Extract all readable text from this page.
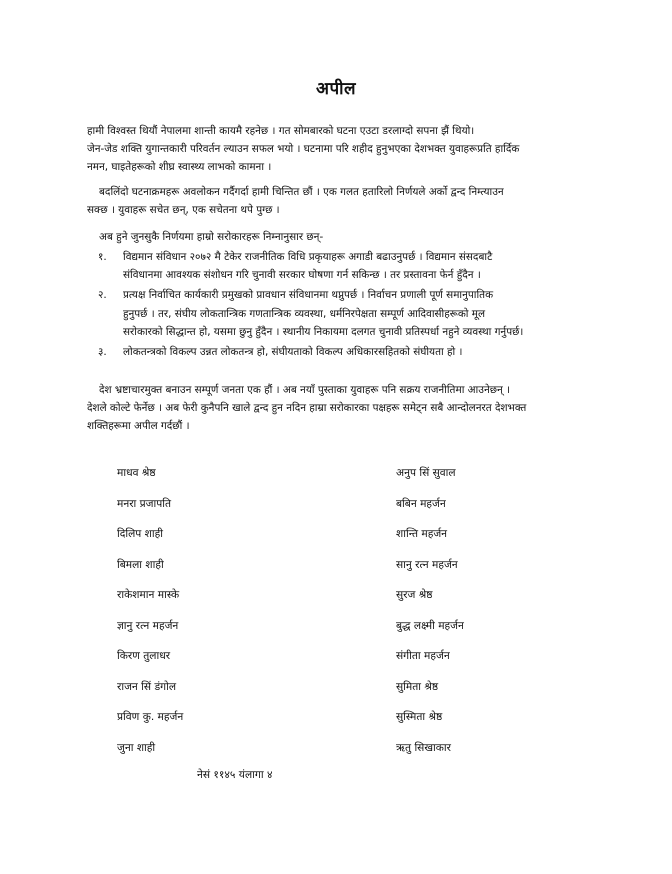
अपील
हामी विश्वस्त थियौं नेपालमा शान्ती कायमै रहनेछ । गत सोमबारको घटना एउटा डरलाग्दो सपना झैं थियो।
जेन-जेड शक्ति युगान्तकारी परिवर्तन ल्याउन सफल भयो । घटनामा परि शहीद हुनुभएका देशभक्त युवाहरूप्रति हार्दिक
नमन, घाइतेहरूको शीघ्र स्वास्थ्य लाभको कामना ।
बदलिंदो घटनाक्रमहरू अवलोकन गर्दैगर्दा हामी चिन्तित छौं । एक गलत हतारिलो निर्णयले अर्को द्वन्द निम्त्याउन
सक्छ । युवाहरू सचेत छन्, एक सचेतना थपे पुग्छ ।
अब हुने जुनसुकै निर्णयमा हाम्रो सरोकारहरू निम्नानुसार छन्-
१. विद्यमान संविधान २०७२ मै टेकेर राजनीतिक विधि प्रकृयाहरू अगाडी बढाउनुपर्छ । विद्यमान संसदबाटै
संविधानमा आवश्यक संशोधन गरि चुनावी सरकार घोषणा गर्न सकिन्छ । तर प्रस्तावना फेर्न हुँदैन ।
२. प्रत्यक्ष निर्वाचित कार्यकारी प्रमुखको प्रावधान संविधानमा थप्नुपर्छ । निर्वाचन प्रणाली पूर्ण समानुपातिक
हुनुपर्छ । तर, संघीय लोकतान्त्रिक गणतान्त्रिक व्यवस्था, धर्मनिरपेक्षता सम्पूर्ण आदिवासीहरूको मूल
सरोकारको सिद्धान्त हो, यसमा छुनु हुँदैन । स्थानीय निकायमा दलगत चुनावी प्रतिस्पर्धा नहुने व्यवस्था गर्नुपर्छ।
३. लोकतन्त्रको विकल्प उन्नत लोकतन्त्र हो, संघीयताको विकल्प अधिकारसहितको संघीयता हो ।
देश भ्रष्टाचारमुक्त बनाउन सम्पूर्ण जनता एक हौं । अब नयाँ पुस्ताका युवाहरू पनि सक्रय राजनीतिमा आउनेछन् ।
देशले कोल्टे फेर्नेछ । अब फेरी कुनैपनि खाले द्वन्द हुन नदिन हाम्रा सरोकारका पक्षहरू समेट्न सबै आन्दोलनरत देशभक्त
शक्तिहरूमा अपील गर्दछौं ।
माधव श्रेष्ठ
मनरा प्रजापति
दिलिप शाही
बिमला शाही
राकेशमान मास्के
ज्ञानु रत्न महर्जन
किरण तुलाधर
राजन सिं डंगोल
प्रविण कु. महर्जन
जुना शाही
अनुप सिं सुवाल
बबिन महर्जन
शान्ति महर्जन
सानु रत्न महर्जन
सुरज श्रेष्ठ
बुद्ध लक्ष्मी महर्जन
संगीता महर्जन
सुमिता श्रेष्ठ
सुस्मिता श्रेष्ठ
ऋतु सिखाकार
नेसं ११४५ यंलागा ४
